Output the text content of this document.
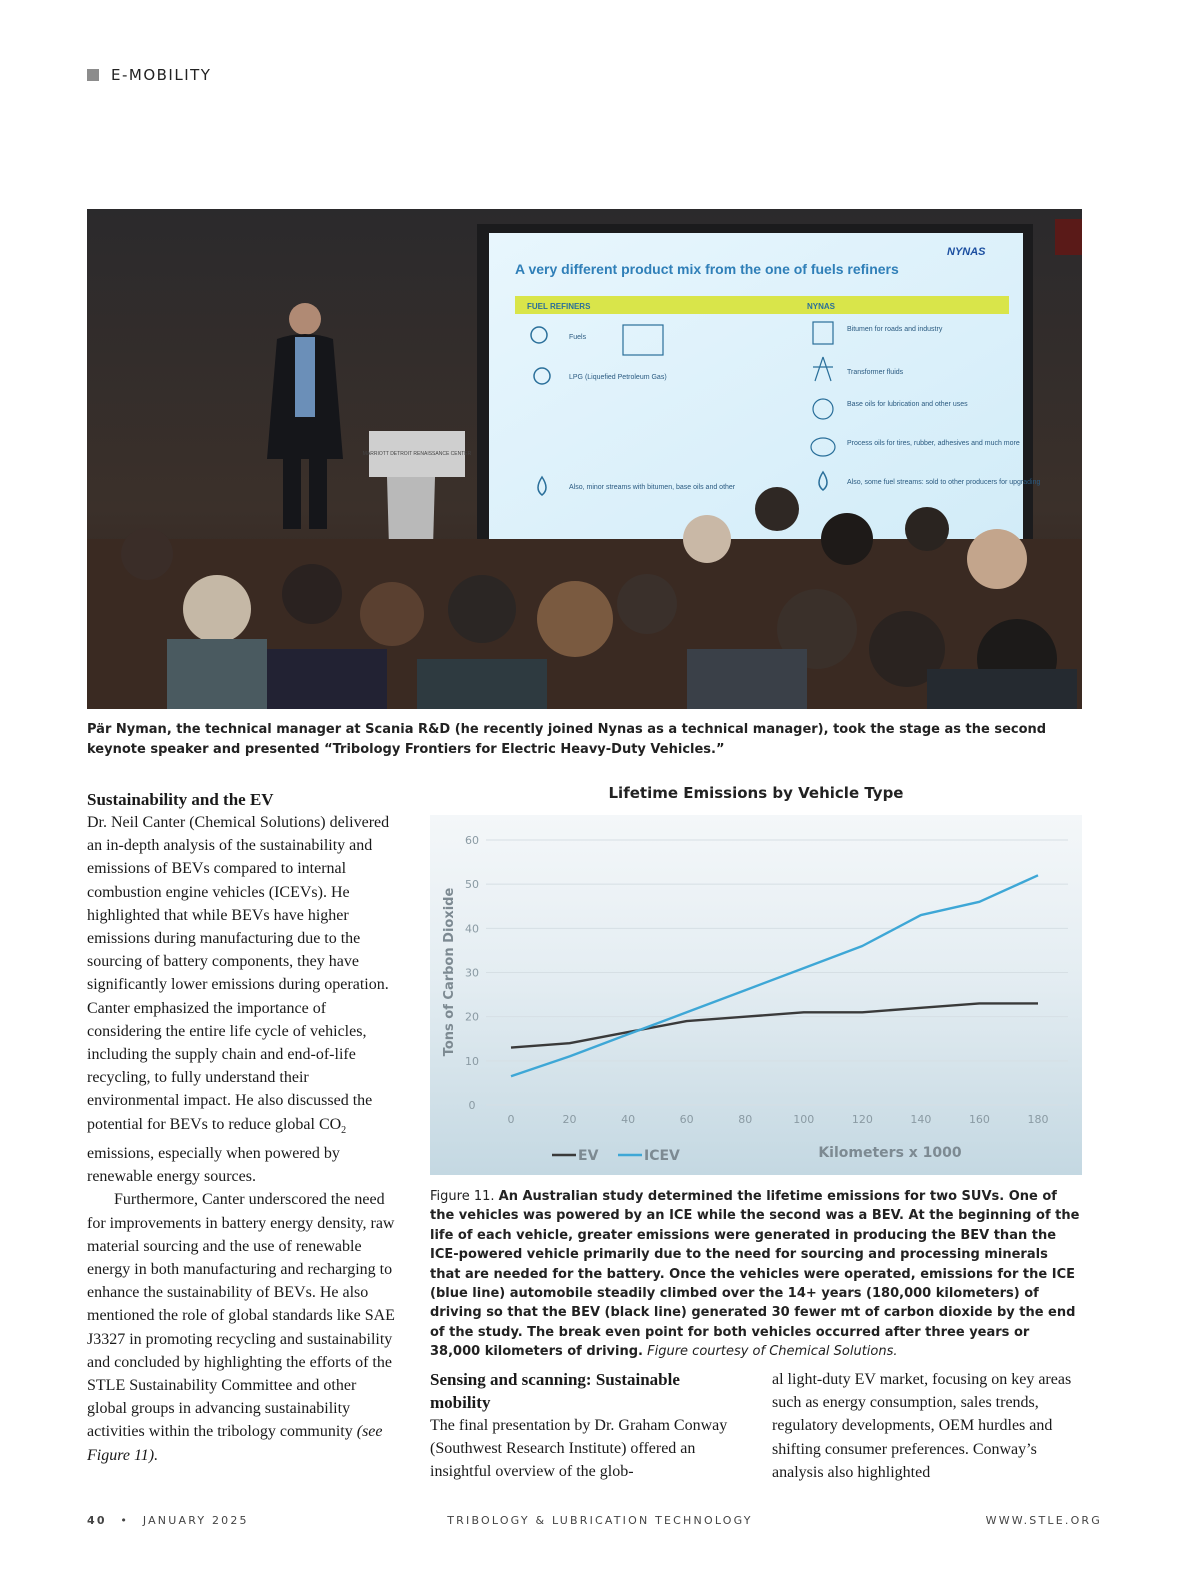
E-MOBILITY
A very different product mix from the one of fuels refiners
NYNAS
FUEL REFINERS	NYNAS
Fuels
LPG (Liquefied Petroleum Gas)
Also, minor streams with bitumen, base oils and other
Bitumen for roads and industry
Transformer fluids
Base oils for lubrication and other uses
Process oils for tires, rubber, adhesives and much more
Also, some fuel streams: sold to other producers for upgrading
MARRIOTT DETROIT RENAISSANCE CENTER
Pär Nyman, the technical manager at Scania R&D (he recently joined Nynas as a technical manager), took the stage as the second keynote speaker and presented “Tribology Frontiers for Electric Heavy-Duty Vehicles.”

Sustainability and the EV

Dr. Neil Canter (Chemical Solutions) delivered an in-depth analysis of the sustainability and emissions of BEVs compared to internal combustion engine vehicles (ICEVs). He highlighted that while BEVs have higher emissions during manufacturing due to the sourcing of battery components, they have significantly lower emissions during operation. Canter emphasized the importance of considering the entire life cycle of vehicles, including the supply chain and end-of-life recycling, to fully understand their environmental impact. He also discussed the potential for BEVs to reduce global $CO_2$ emissions, especially when powered by renewable energy sources.

Furthermore, Canter underscored the need for improvements in battery energy density, raw material sourcing and the use of renewable energy in both manufacturing and recharging to enhance the sustainability of BEVs. He also mentioned the role of global standards like SAE J3327 in promoting recycling and sustainability and concluded by highlighting the efforts of the STLE Sustainability Committee and other global groups in advancing sustainability activities within the tribology community (see Figure 11).

Lifetime Emissions by Vehicle Type
0
10
20
30
40
50
60
0	20	40	60	80	100	120	140	160	180
Tons of Carbon Dioxide
Kilometers x 1000
EV	ICEV
Figure 11. An Australian study determined the lifetime emissions for two SUVs. One of the vehicles was powered by an ICE while the second was a BEV. At the beginning of the life of each vehicle, greater emissions were generated in producing the BEV than the ICE-powered vehicle primarily due to the need for sourcing and processing minerals that are needed for the battery. Once the vehicles were operated, emissions for the ICE (blue line) automobile steadily climbed over the 14+ years (180,000 kilometers) of driving so that the BEV (black line) generated 30 fewer mt of carbon dioxide by the end of the study. The break even point for both vehicles occurred after three years or 38,000 kilometers of driving. Figure courtesy of Chemical Solutions.

Sensing and scanning: Sustainable mobility

The final presentation by Dr. Graham Conway (Southwest Research Institute) offered an insightful overview of the glob-

al light-duty EV market, focusing on key areas such as energy consumption, sales trends, regulatory developments, OEM hurdles and shifting consumer preferences. Conway’s analysis also highlighted

40 • JANUARY 2025	TRIBOLOGY & LUBRICATION TECHNOLOGY	WWW.STLE.ORG
